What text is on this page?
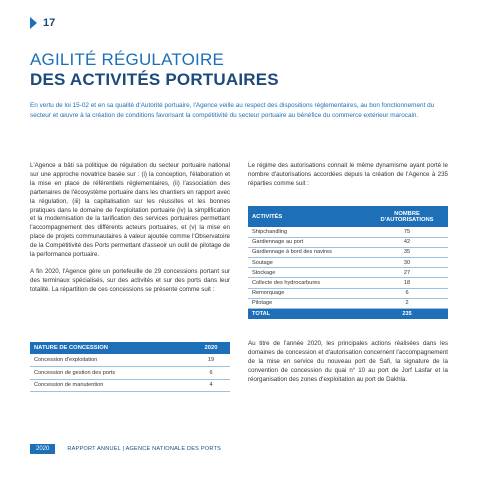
17
AGILITÉ RÉGULATOIRE
DES ACTIVITÉS PORTUAIRES

En vertu de loi 15-02 et en sa qualité d'Autorité portuaire, l'Agence veille au respect des dispositions réglementaires, au bon fonctionnement du secteur et œuvre à la création de conditions favorisant la compétitivité du secteur portuaire au bénéfice du commerce extérieur marocain.

L'Agence a bâti sa politique de régulation du secteur portuaire national sur une approche novatrice basée sur : (i) la conception, l'élaboration et la mise en place de référentiels réglementaires, (ii) l'association des partenaires de l'écosystème portuaire dans les chantiers en rapport avec la régulation, (iii) la capitalisation sur les réussites et les bonnes pratiques dans le domaine de l'exploitation portuaire (iv) la simplification et la modernisation de la tarification des services portuaires permettant l'accompagnement des différents acteurs portuaires, et (v) la mise en place de projets communautaires à valeur ajoutée comme l'Observatoire de la Compétitivité des Ports permettant d'asseoir un outil de pilotage de la performance portuaire.

A fin 2020, l'Agence gère un portefeuille de 29 concessions portant sur des terminaux spécialisés, sur des activités et sur des ports dans leur totalité. La répartition de ces concessions se présente comme suit :

Le régime des autorisations connait le même dynamisme ayant porté le nombre d'autorisations accordées depuis la création de l'Agence à 235 réparties comme suit :

ACTIVITÉS	NOMBRE
D'AUTORISATIONS
Shipchandling	75
Gardiennage au port	42
Gardiennage à bord des navires	35
Soutage	30
Stockage	27
Collecte des hydrocarbures	18
Remorquage	6
Pilotage	2
TOTAL	235
NATURE DE CONCESSION	2020
Concession d'exploitation	19
Concession de gestion des ports	6
Concession de manutention	4

Au titre de l'année 2020, les principales actions réalisées dans les domaines de concession et d'autorisation concernent l'accompagnement de la mise en service du nouveau port de Safi, la signature de la convention de concession du quai n° 10 au port de Jorf Lasfar et la réorganisation des zones d'exploitation au port de Dakhla.

2020	RAPPORT ANNUEL | AGENCE NATIONALE DES PORTS
